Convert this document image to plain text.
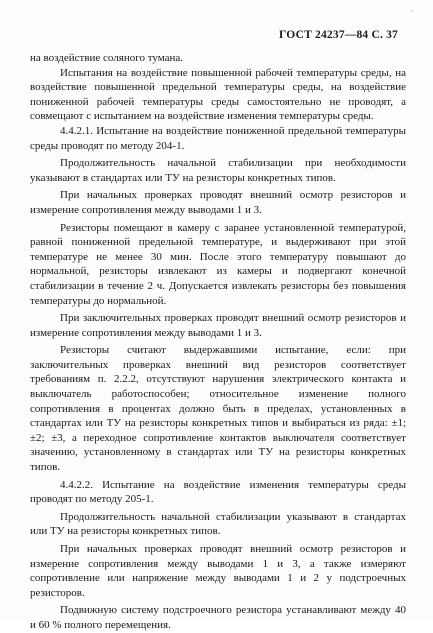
'
ГОСТ 24237—84 С. 37

на воздействие соляного тумана.

Испытания на воздействие повышенной рабочей температуры среды, на воздействие повышенной предельной температуры среды, на воздействие пониженной рабочей температуры среды самостоятельно не проводят, а совмещают с испытанием на воздействие изменения температуры среды.

4.4.2.1. Испытание на воздействие пониженной предельной температуры среды проводят по методу 204-1.

Продолжительность начальной стабилизации при необходимости указывают в стандартах или ТУ на резисторы конкретных типов.

При начальных проверках проводят внешний осмотр резисторов и измерение сопротивления между выводами 1 и 3.

Резисторы помещают в камеру с заранее установленной температурой, равной пониженной предельной температуре, и выдерживают при этой температуре не менее 30 мин. После этого температуру повышают до нормальной, резисторы извлекают из камеры и подвергают конечной стабилизации в течение 2 ч. Допускается извлекать резисторы без повышения температуры до нормальной.

При заключительных проверках проводят внешний осмотр резисторов и измерение сопротивления между выводами 1 и 3.

Резисторы считают выдержавшими испытание, если: при заключительных проверках внешний вид резисторов соответствует требованиям п. 2.2.2, отсутствуют нарушения электрического контакта и выключатель работоспособен; относительное изменение полного сопротивления в процентах должно быть в пределах, установленных в стандартах или ТУ на резисторы конкретных типов и выбираться из ряда: ±1; ±2; ±3, а переходное сопротивление контактов выключателя соответствует значению, установленному в стандартах или ТУ на резисторы конкретных типов.

4.4.2.2. Испытание на воздействие изменения температуры среды проводят по методу 205-1.

Продолжительность начальной стабилизации указывают в стандартах или ТУ на резисторы конкретных типов.

При начальных проверках проводят внешний осмотр резисторов и измерение сопротивления между выводами 1 и 3, а также измеряют сопротивление или напряжение между выводами 1 и 2 у подстроечных резисторов.

Подвижную систему подстроечного резистора устанавливают между 40 и 60 % полного перемещения.
